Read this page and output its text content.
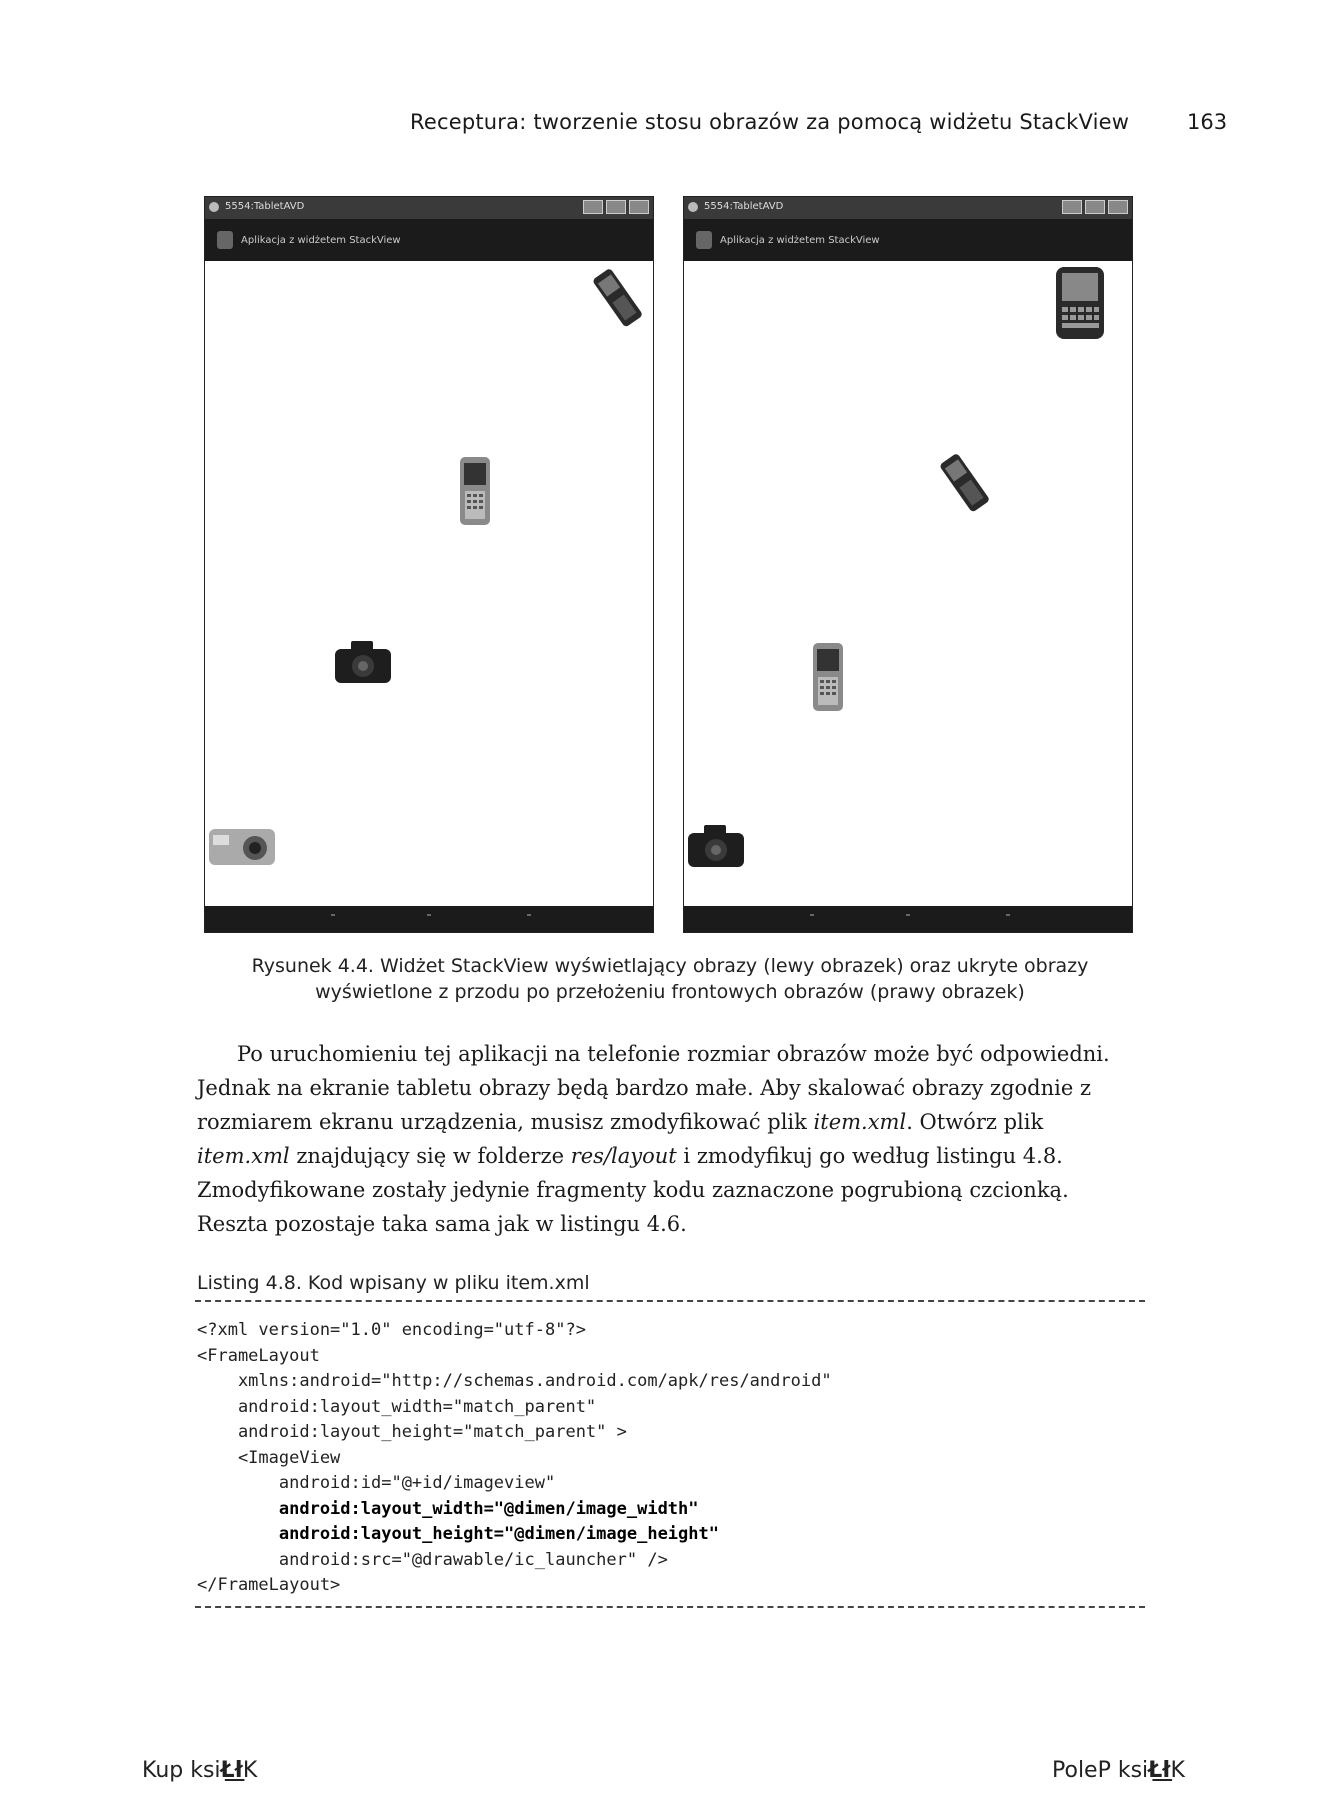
Receptura: tworzenie stosu obrazów za pomocą widżetu StackView	163
5554:TabletAVD
Aplikacja z widżetem StackView
5554:TabletAVD
Aplikacja z widżetem StackView
Rysunek 4.4. Widżet StackView wyświetlający obrazy (lewy obrazek) oraz ukryte obrazy
wyświetlone z przodu po przełożeniu frontowych obrazów (prawy obrazek)

Po uruchomieniu tej aplikacji na telefonie rozmiar obrazów może być odpowiedni. Jednak na ekranie tabletu obrazy będą bardzo małe. Aby skalować obrazy zgodnie z rozmiarem ekranu urządzenia, musisz zmodyfikować plik item.xml. Otwórz plik item.xml znajdujący się w folderze res/layout i zmodyfikuj go według listingu 4.8. Zmodyfikowane zostały jedynie fragmenty kodu zaznaczone pogrubioną czcionką. Reszta pozostaje taka sama jak w listingu 4.6.

Listing 4.8. Kod wpisany w pliku item.xml
<?xml version="1.0" encoding="utf-8"?>
<FrameLayout
xmlns:android="http://schemas.android.com/apk/res/android"
android:layout_width="match_parent"
android:layout_height="match_parent" >
<ImageView
android:id="@+id/imageview"
android:layout_width="@dimen/image_width"
android:layout_height="@dimen/image_height"
android:src="@drawable/ic_launcher" />
</FrameLayout>
Kup ksiŁ͟łK	PoleP ksiŁ͟łK
